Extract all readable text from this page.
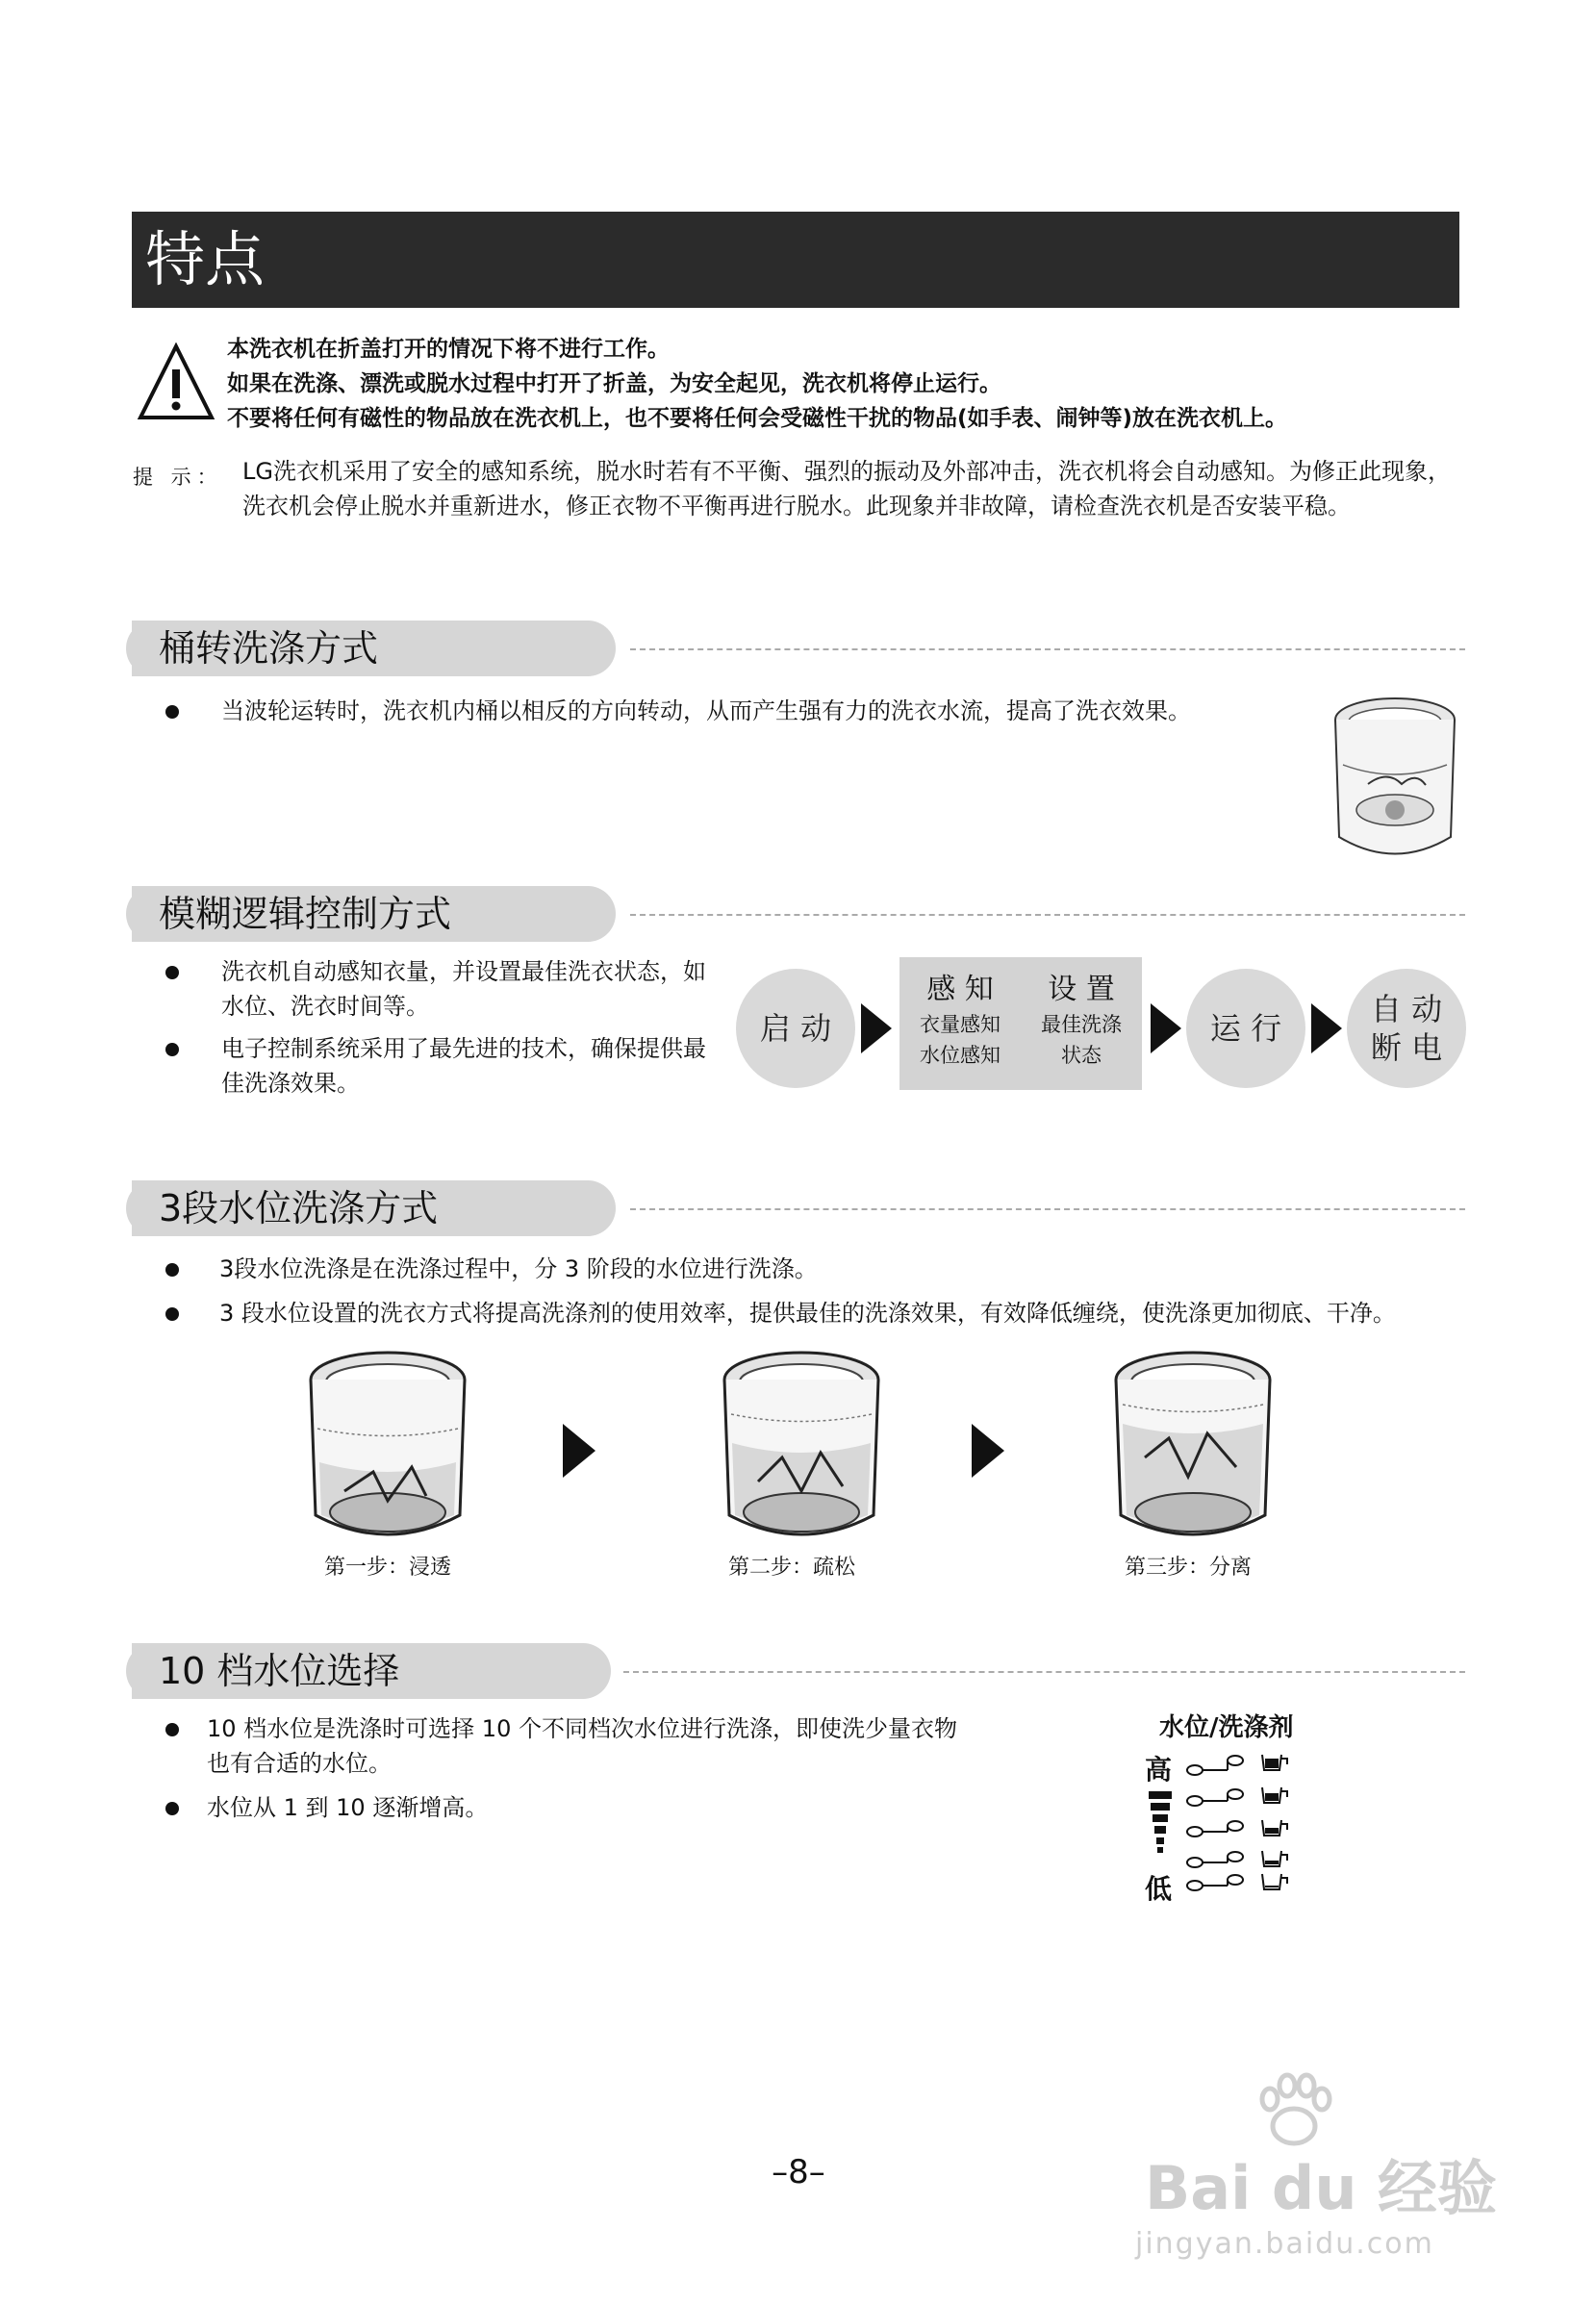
特点
本洗衣机在折盖打开的情况下将不进行工作。
如果在洗涤、漂洗或脱水过程中打开了折盖，为安全起见，洗衣机将停止运行。
不要将任何有磁性的物品放在洗衣机上，也不要将任何会受磁性干扰的物品(如手表、闹钟等)放在洗衣机上。
提 示： LG洗衣机采用了安全的感知系统，脱水时若有不平衡、强烈的振动及外部冲击，洗衣机将会自动感知。为修正此现象，洗衣机会停止脱水并重新进水，修正衣物不平衡再进行脱水。此现象并非故障，请检查洗衣机是否安装平稳。
桶转洗涤方式
当波轮运转时，洗衣机内桶以相反的方向转动，从而产生强有力的洗衣水流，提高了洗衣效果。
模糊逻辑控制方式
洗衣机自动感知衣量，并设置最佳洗衣状态，如水位、洗衣时间等。
电子控制系统采用了最先进的技术，确保提供最佳洗涤效果。
启 动
感 知
衣量感知
水位感知
设 置
最佳洗涤
状态
运 行
自 动
断 电
3段水位洗涤方式
3段水位洗涤是在洗涤过程中，分 3 阶段的水位进行洗涤。
3 段水位设置的洗衣方式将提高洗涤剂的使用效率，提供最佳的洗涤效果，有效降低缠绕，使洗涤更加彻底、干净。
第一步：浸透	第二步：疏松	第三步：分离
10 档水位选择
10 档水位是洗涤时可选择 10 个不同档次水位进行洗涤，即使洗少量衣物也有合适的水位。
水位从 1 到 10 逐渐增高。
水位/洗涤剂
高
低
–8–	Bai du 经验
jingyan.baidu.com
